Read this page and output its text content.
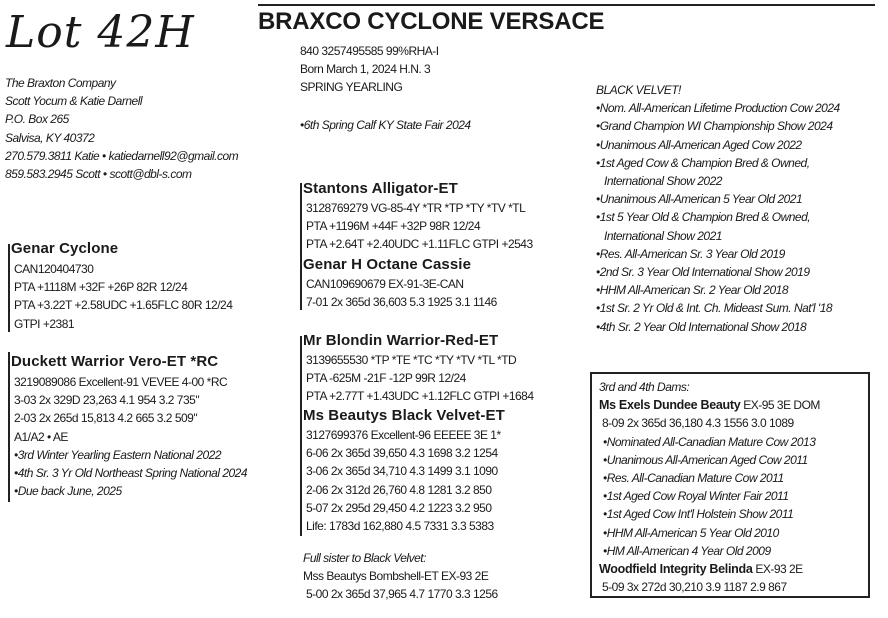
Lot 42H	BRAXCO CYCLONE VERSACE
The Braxton Company
Scott Yocum & Katie Darnell
P.O. Box 265
Salvisa, KY 40372
270.579.3811 Katie • katiedarnell92@gmail.com
859.583.2945 Scott • scott@dbl-s.com
840 3257495585 99%RHA-I
Born March 1, 2024 H.N. 3
SPRING YEARLING
•6th Spring Calf KY State Fair 2024
Genar Cyclone
CAN120404730
PTA +1118M +32F +26P 82R 12/24
PTA +3.22T +2.58UDC +1.65FLC 80R 12/24
GTPI +2381
Duckett Warrior Vero-ET *RC
3219089086 Excellent-91 VEVEE 4-00 *RC
3-03 2x 329D 23,263 4.1 954 3.2 735"
2-03 2x 265d 15,813 4.2 665 3.2 509"
A1/A2 • AE
•3rd Winter Yearling Eastern National 2022
•4th Sr. 3 Yr Old Northeast Spring National 2024
•Due back June, 2025
Stantons Alligator-ET
3128769279 VG-85-4Y *TR *TP *TY *TV *TL
PTA +1196M +44F +32P 98R 12/24
PTA +2.64T +2.40UDC +1.11FLC GTPI +2543
Genar H Octane Cassie
CAN109690679 EX-91-3E-CAN
7-01 2x 365d 36,603 5.3 1925 3.1 1146
Mr Blondin Warrior-Red-ET
3139655530 *TP *TE *TC *TY *TV *TL *TD
PTA -625M -21F -12P 99R 12/24
PTA +2.77T +1.43UDC +1.12FLC GTPI +1684
Ms Beautys Black Velvet-ET
3127699376 Excellent-96 EEEEE 3E 1*
6-06 2x 365d 39,650 4.3 1698 3.2 1254
3-06 2x 365d 34,710 4.3 1499 3.1 1090
2-06 2x 312d 26,760 4.8 1281 3.2 850
5-07 2x 295d 29,450 4.2 1223 3.2 950
Life: 1783d 162,880 4.5 7331 3.3 5383
Full sister to Black Velvet:
Mss Beautys Bombshell-ET EX-93 2E
5-00 2x 365d 37,965 4.7 1770 3.3 1256
BLACK VELVET!
•Nom. All-American Lifetime Production Cow 2024
•Grand Champion WI Championship Show 2024
•Unanimous All-American Aged Cow 2022
•1st Aged Cow & Champion Bred & Owned,
International Show 2022
•Unanimous All-American 5 Year Old 2021
•1st 5 Year Old & Champion Bred & Owned,
International Show 2021
•Res. All-American Sr. 3 Year Old 2019
•2nd Sr. 3 Year Old International Show 2019
•HHM All-American Sr. 2 Year Old 2018
•1st Sr. 2 Yr Old & Int. Ch. Mideast Sum. Nat'l '18
•4th Sr. 2 Year Old International Show 2018
3rd and 4th Dams:
Ms Exels Dundee Beauty EX-95 3E DOM
8-09 2x 365d 36,180 4.3 1556 3.0 1089
•Nominated All-Canadian Mature Cow 2013
•Unanimous All-American Aged Cow 2011
•Res. All-Canadian Mature Cow 2011
•1st Aged Cow Royal Winter Fair 2011
•1st Aged Cow Int'l Holstein Show 2011
•HHM All-American 5 Year Old 2010
•HM All-American 4 Year Old 2009
Woodfield Integrity Belinda EX-93 2E
5-09 3x 272d 30,210 3.9 1187 2.9 867
